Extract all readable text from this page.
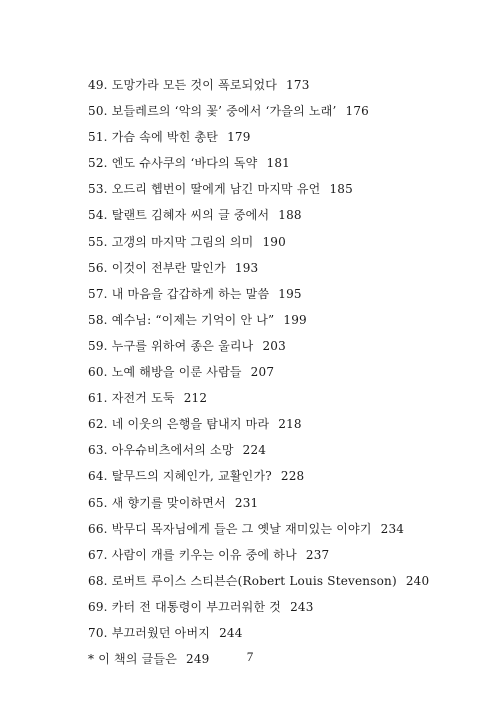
49. 도망가라 모든 것이 폭로되었다 173
50. 보들레르의 ‘악의 꽃’ 중에서 ‘가을의 노래’ 176
51. 가슴 속에 박힌 총탄 179
52. 엔도 슈사쿠의 ‘바다의 독약 181
53. 오드리 헵번이 딸에게 남긴 마지막 유언 185
54. 탈랜트 김혜자 씨의 글 중에서 188
55. 고갱의 마지막 그림의 의미 190
56. 이것이 전부란 말인가 193
57. 내 마음을 갑갑하게 하는 말씀 195
58. 예수님: “이제는 기억이 안 나” 199
59. 누구를 위하여 종은 울리나 203
60. 노예 해방을 이룬 사람들 207
61. 자전거 도둑 212
62. 네 이웃의 은행을 탐내지 마라 218
63. 아우슈비츠에서의 소망 224
64. 탈무드의 지혜인가, 교활인가? 228
65. 새 향기를 맞이하면서 231
66. 박무디 목자님에게 들은 그 옛날 재미있는 이야기 234
67. 사람이 개를 키우는 이유 중에 하나 237
68. 로버트 루이스 스티븐슨(Robert Louis Stevenson) 240
69. 카터 전 대통령이 부끄러워한 것 243
70. 부끄러웠던 아버지 244
* 이 책의 글들은 249	7
